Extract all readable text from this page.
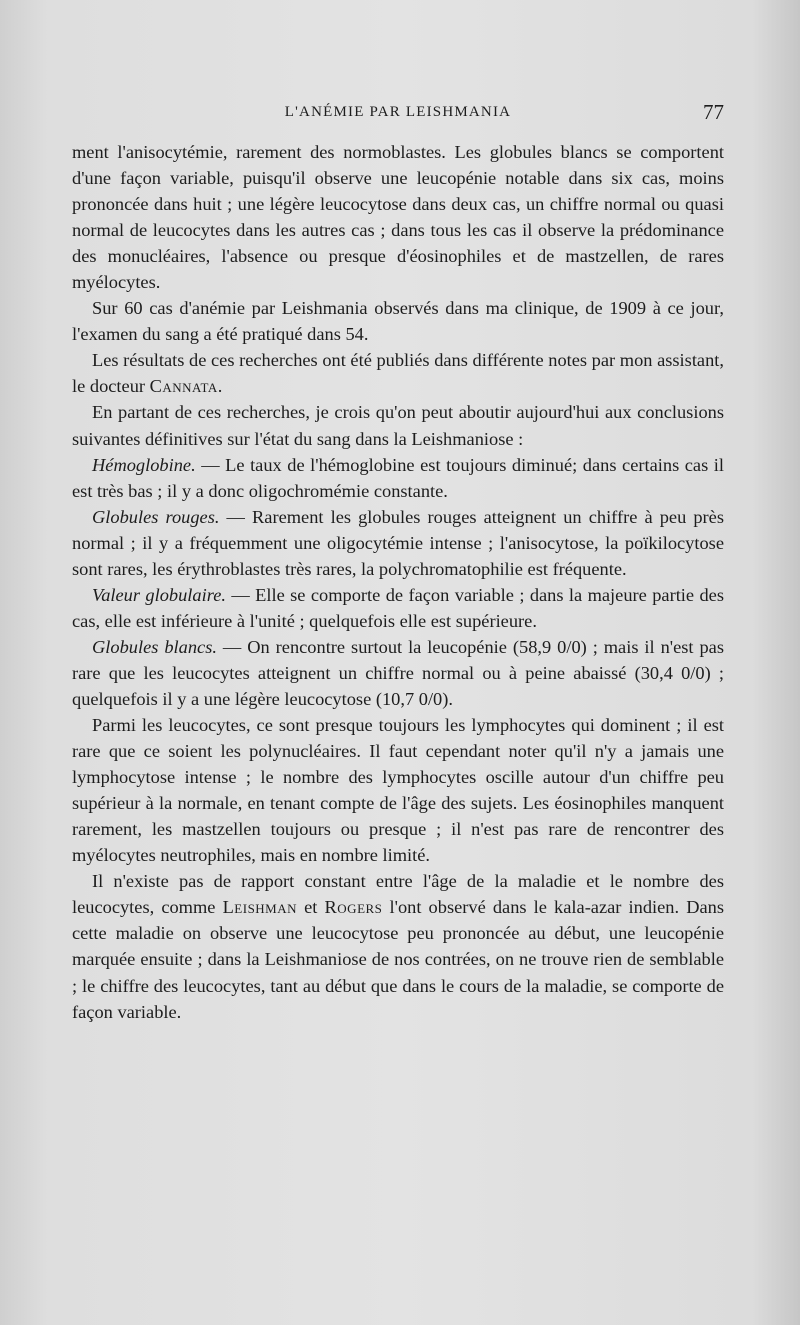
L'ANÉMIE PAR LEISHMANIA	77

ment l'anisocytémie, rarement des normoblastes. Les globules blancs se comportent d'une façon variable, puisqu'il observe une leucopénie notable dans six cas, moins prononcée dans huit ; une légère leucocytose dans deux cas, un chiffre normal ou quasi normal de leucocytes dans les autres cas ; dans tous les cas il observe la prédominance des monucléaires, l'absence ou presque d'éosinophiles et de mastzellen, de rares myélocytes.

Sur 60 cas d'anémie par Leishmania observés dans ma clinique, de 1909 à ce jour, l'examen du sang a été pratiqué dans 54.

Les résultats de ces recherches ont été publiés dans différente notes par mon assistant, le docteur Cannata.

En partant de ces recherches, je crois qu'on peut aboutir aujourd'hui aux conclusions suivantes définitives sur l'état du sang dans la Leishmaniose :

Hémoglobine. — Le taux de l'hémoglobine est toujours diminué; dans certains cas il est très bas ; il y a donc oligochromémie constante.

Globules rouges. — Rarement les globules rouges atteignent un chiffre à peu près normal ; il y a fréquemment une oligocytémie intense ; l'anisocytose, la poïkilocytose sont rares, les érythroblastes très rares, la polychromatophilie est fréquente.

Valeur globulaire. — Elle se comporte de façon variable ; dans la majeure partie des cas, elle est inférieure à l'unité ; quelquefois elle est supérieure.

Globules blancs. — On rencontre surtout la leucopénie (58,9 0/0) ; mais il n'est pas rare que les leucocytes atteignent un chiffre normal ou à peine abaissé (30,4 0/0) ; quelquefois il y a une légère leucocytose (10,7 0/0).

Parmi les leucocytes, ce sont presque toujours les lymphocytes qui dominent ; il est rare que ce soient les polynucléaires. Il faut cependant noter qu'il n'y a jamais une lymphocytose intense ; le nombre des lymphocytes oscille autour d'un chiffre peu supérieur à la normale, en tenant compte de l'âge des sujets. Les éosinophiles manquent rarement, les mastzellen toujours ou presque ; il n'est pas rare de rencontrer des myélocytes neutrophiles, mais en nombre limité.

Il n'existe pas de rapport constant entre l'âge de la maladie et le nombre des leucocytes, comme Leishman et Rogers l'ont observé dans le kala-azar indien. Dans cette maladie on observe une leucocytose peu prononcée au début, une leucopénie marquée ensuite ; dans la Leishmaniose de nos contrées, on ne trouve rien de semblable ; le chiffre des leucocytes, tant au début que dans le cours de la maladie, se comporte de façon variable.
